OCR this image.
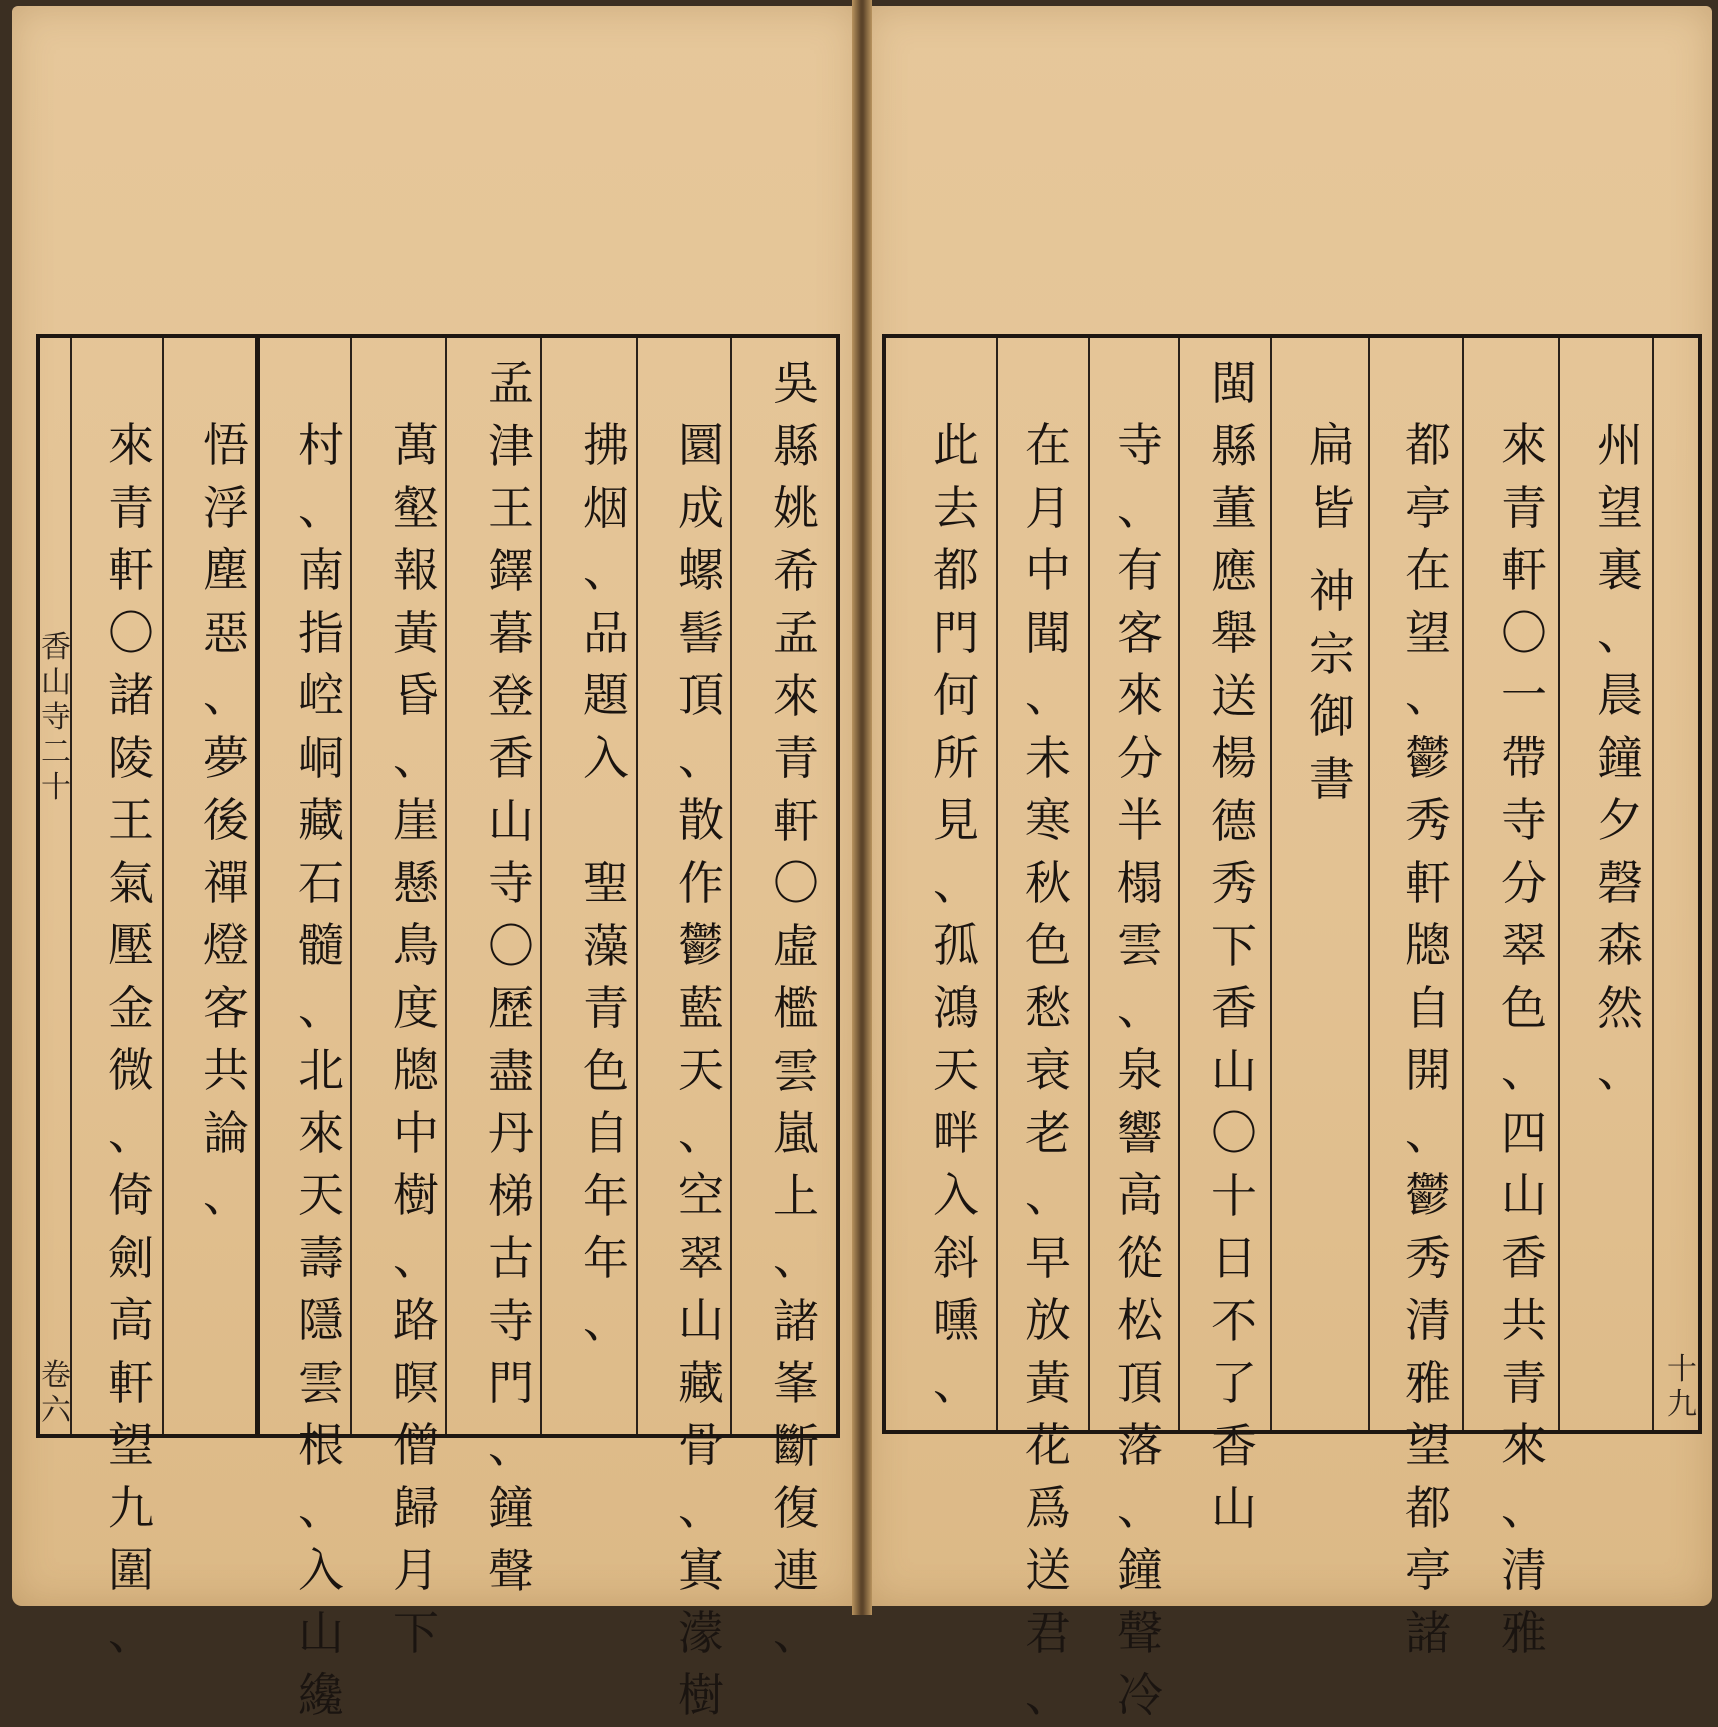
吳
縣
姚
希
孟
來
青
軒
〇
虛
檻
雲
嵐
上
、
諸
峯
斷
復
連
、
圜
成
螺
髻
頂
、
散
作
鬱
藍
天
、
空
翠
山
藏
骨
、
寘
濛
樹
拂
烟
、
品
題
入
聖
藻
青
色
自
年
年
、
孟
津
王
鐸
暮
登
香
山
寺
〇
歷
盡
丹
梯
古
寺
門
、
鐘
聲
萬
壑
報
黃
昏
、
崖
懸
鳥
度
牕
中
樹
、
路
暝
僧
歸
月
下
村
、
南
指
崆
峒
藏
石
髓
、
北
來
天
壽
隱
雲
根
、
入
山
纔
悟
浮
塵
惡
、
夢
後
禪
燈
客
共
論
、
來
青
軒
〇
諸
陵
王
氣
壓
金
微
、
倚
劍
高
軒
望
九
圍
、
香
山
寺
二
十
卷
六
州
望
裏
、
晨
鐘
夕
磬
森
然
、
來
青
軒
〇
一
帶
寺
分
翠
色
、
四
山
香
共
青
來
、
清
雅
都
亭
在
望
、
鬱
秀
軒
牕
自
開
、
鬱
秀
清
雅
望
都
亭
諸
扁
皆
神
宗
御
書
閩
縣
董
應
舉
送
楊
德
秀
下
香
山
〇
十
日
不
了
香
山
寺
、
有
客
來
分
半
榻
雲
、
泉
響
高
從
松
頂
落
、
鐘
聲
冷
在
月
中
聞
、
未
寒
秋
色
愁
衰
老
、
早
放
黃
花
爲
送
君
、
此
去
都
門
何
所
見
、
孤
鴻
天
畔
入
斜
曛
、	十
九
